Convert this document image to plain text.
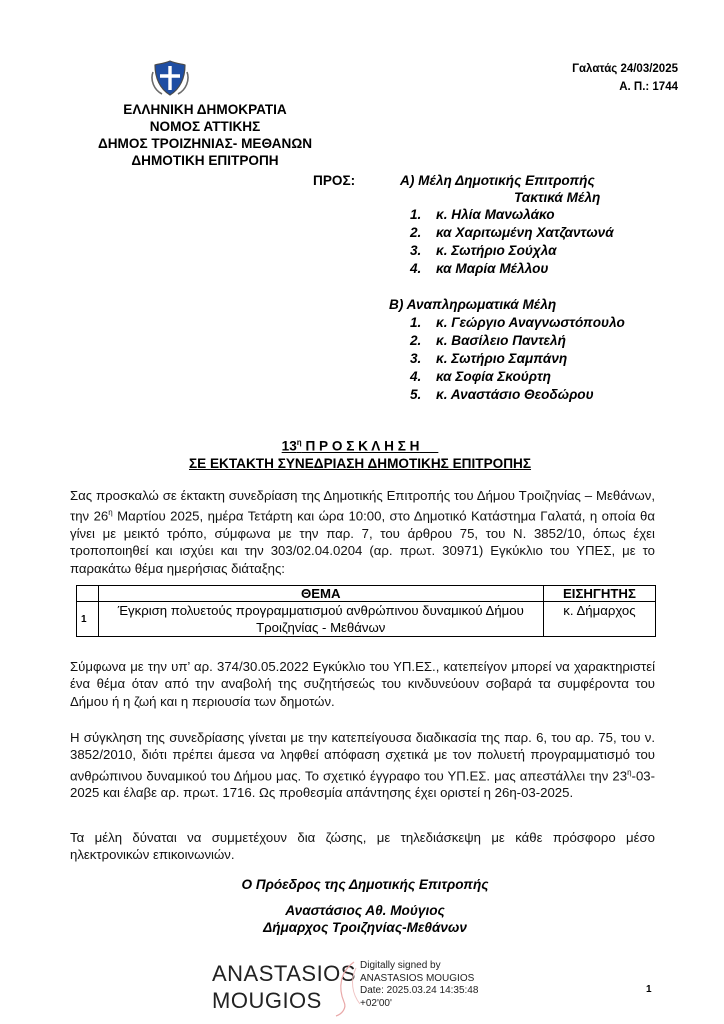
Γαλατάς 24/03/2025
Α. Π.: 1744
ΕΛΛΗΝΙΚΗ ΔΗΜΟΚΡΑΤΙΑ
ΝΟΜΟΣ ΑΤΤΙΚΗΣ
ΔΗΜΟΣ ΤΡΟΙΖΗΝΙΑΣ- ΜΕΘΑΝΩΝ
ΔΗΜΟΤΙΚΗ ΕΠΙΤΡΟΠΗ
ΠΡΟΣ:	Α) Μέλη Δημοτικής Επιτροπής
Τακτικά Μέλη
1. κ. Ηλία Μανωλάκο
2. κα Χαριτωμένη Χατζαντωνά
3. κ. Σωτήριο Σούχλα
4. κα Μαρία Μέλλου
Β) Αναπληρωματικά Μέλη
1. κ. Γεώργιο Αναγνωστόπουλο
2. κ. Βασίλειο Παντελή
3. κ. Σωτήριο Σαμπάνη
4. κα Σοφία Σκούρτη
5. κ. Αναστάσιο Θεοδώρου
$13^\eta$ Π Ρ Ο Σ Κ Λ Η Σ Η
ΣΕ ΕΚΤΑΚΤΗ ΣΥΝΕΔΡΙΑΣΗ ΔΗΜΟΤΙΚΗΣ ΕΠΙΤΡΟΠΗΣ
Σας προσκαλώ σε έκτακτη συνεδρίαση της Δημοτικής Επιτροπής του Δήμου Τροιζηνίας – Μεθάνων, την $26^\eta$ Μαρτίου 2025, ημέρα Τετάρτη και ώρα 10:00, στο Δημοτικό Κατάστημα Γαλατά, η οποία θα γίνει με μεικτό τρόπο, σύμφωνα με την παρ. 7, του άρθρου 75, του Ν. 3852/10, όπως έχει τροποποιηθεί και ισχύει και την 303/02.04.0204 (αρ. πρωτ. 30971) Εγκύκλιο του ΥΠΕΣ, με το παρακάτω θέμα ημερήσιας διάταξης:
	ΘΕΜΑ	ΕΙΣΗΓΗΤΗΣ
1	Έγκριση πολυετούς προγραμματισμού ανθρώπινου δυναμικού Δήμου Τροιζηνίας - Μεθάνων	κ. Δήμαρχος
Σύμφωνα με την υπ’ αρ. 374/30.05.2022 Εγκύκλιο του ΥΠ.ΕΣ., κατεπείγον μπορεί να χαρακτηριστεί ένα θέμα όταν από την αναβολή της συζητήσεώς του κινδυνεύουν σοβαρά τα συμφέροντα του Δήμου ή η ζωή και η περιουσία των δημοτών.
Η σύγκληση της συνεδρίασης γίνεται με την κατεπείγουσα διαδικασία της παρ. 6, του αρ. 75, του ν. 3852/2010, διότι πρέπει άμεσα να ληφθεί απόφαση σχετικά με τον πολυετή προγραμματισμό του ανθρώπινου δυναμικού του Δήμου μας. Το σχετικό έγγραφο του ΥΠ.ΕΣ. μας απεστάλλει την $23^\eta-03-2025$ και έλαβε αρ. πρωτ. 1716. Ως προθεσμία απάντησης έχει οριστεί η 26η-03-2025.
Τα μέλη δύναται να συμμετέχουν δια ζώσης, με τηλεδιάσκεψη με κάθε πρόσφορο μέσο ηλεκτρονικών επικοινωνιών.
Ο Πρόεδρος της Δημοτικής Επιτροπής
Αναστάσιος Αθ. Μούγιος
Δήμαρχος Τροιζηνίας-Μεθάνων
ANASTASIOS
MOUGIOS
Digitally signed by
ANASTASIOS MOUGIOS
Date: 2025.03.24 14:35:48
+02'00'
1
